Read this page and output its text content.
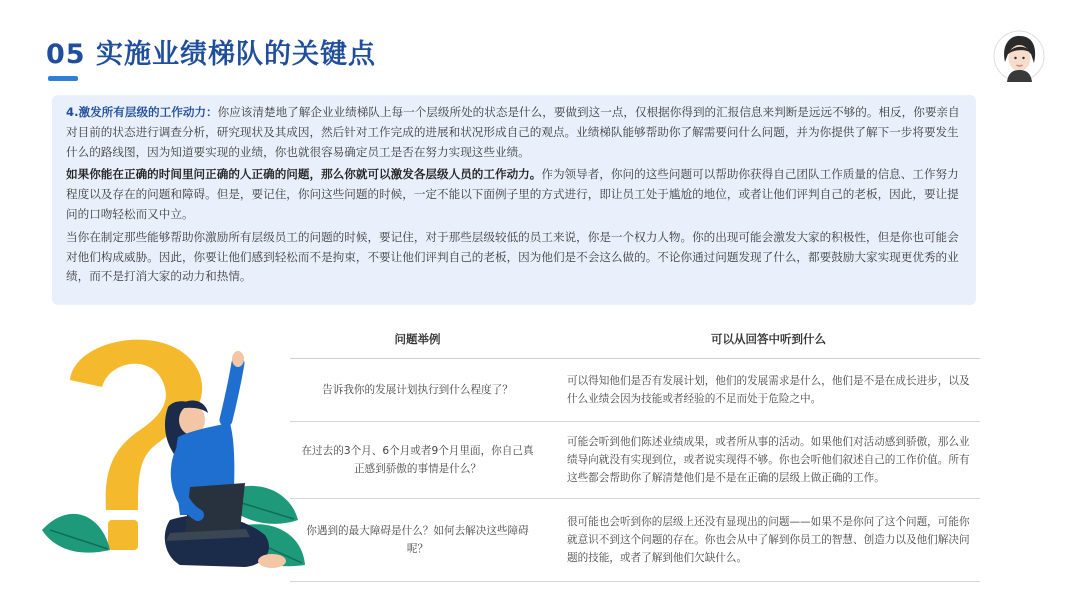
05 实施业绩梯队的关键点

4.激发所有层级的工作动力：你应该清楚地了解企业业绩梯队上每一个层级所处的状态是什么，要做到这一点，仅根据你得到的汇报信息来判断是远远不够的。相反，你要亲自对目前的状态进行调查分析，研究现状及其成因，然后针对工作完成的进展和状况形成自己的观点。业绩梯队能够帮助你了解需要问什么问题，并为你提供了解下一步将要发生什么的路线图，因为知道要实现的业绩，你也就很容易确定员工是否在努力实现这些业绩。

如果你能在正确的时间里问正确的人正确的问题，那么你就可以激发各层级人员的工作动力。作为领导者，你问的这些问题可以帮助你获得自己团队工作质量的信息、工作努力程度以及存在的问题和障碍。但是，要记住，你问这些问题的时候，一定不能以下面例子里的方式进行，即让员工处于尴尬的地位，或者让他们评判自己的老板，因此，要让提问的口吻轻松而又中立。

当你在制定那些能够帮助你激励所有层级员工的问题的时候，要记住，对于那些层级较低的员工来说，你是一个权力人物。你的出现可能会激发大家的积极性，但是你也可能会对他们构成威胁。因此，你要让他们感到轻松而不是拘束，不要让他们评判自己的老板，因为他们是不会这么做的。不论你通过问题发现了什么，都要鼓励大家实现更优秀的业绩，而不是打消大家的动力和热情。

问题举例	可以从回答中听到什么
告诉我你的发展计划执行到什么程度了？
可以得知他们是否有发展计划，他们的发展需求是什么，他们是不是在成长进步，以及什么业绩会因为技能或者经验的不足而处于危险之中。
在过去的3个月、6个月或者9个月里面，你自己真正感到骄傲的事情是什么？
可能会听到他们陈述业绩成果，或者所从事的活动。如果他们对活动感到骄傲，那么业绩导向就没有实现到位，或者说实现得不够。你也会听他们叙述自己的工作价值。所有这些都会帮助你了解清楚他们是不是在正确的层级上做正确的工作。
你遇到的最大障碍是什么？如何去解决这些障碍呢？
很可能也会听到你的层级上还没有显现出的问题——如果不是你问了这个问题，可能你就意识不到这个问题的存在。你也会从中了解到你员工的智慧、创造力以及他们解决问题的技能，或者了解到他们欠缺什么。
